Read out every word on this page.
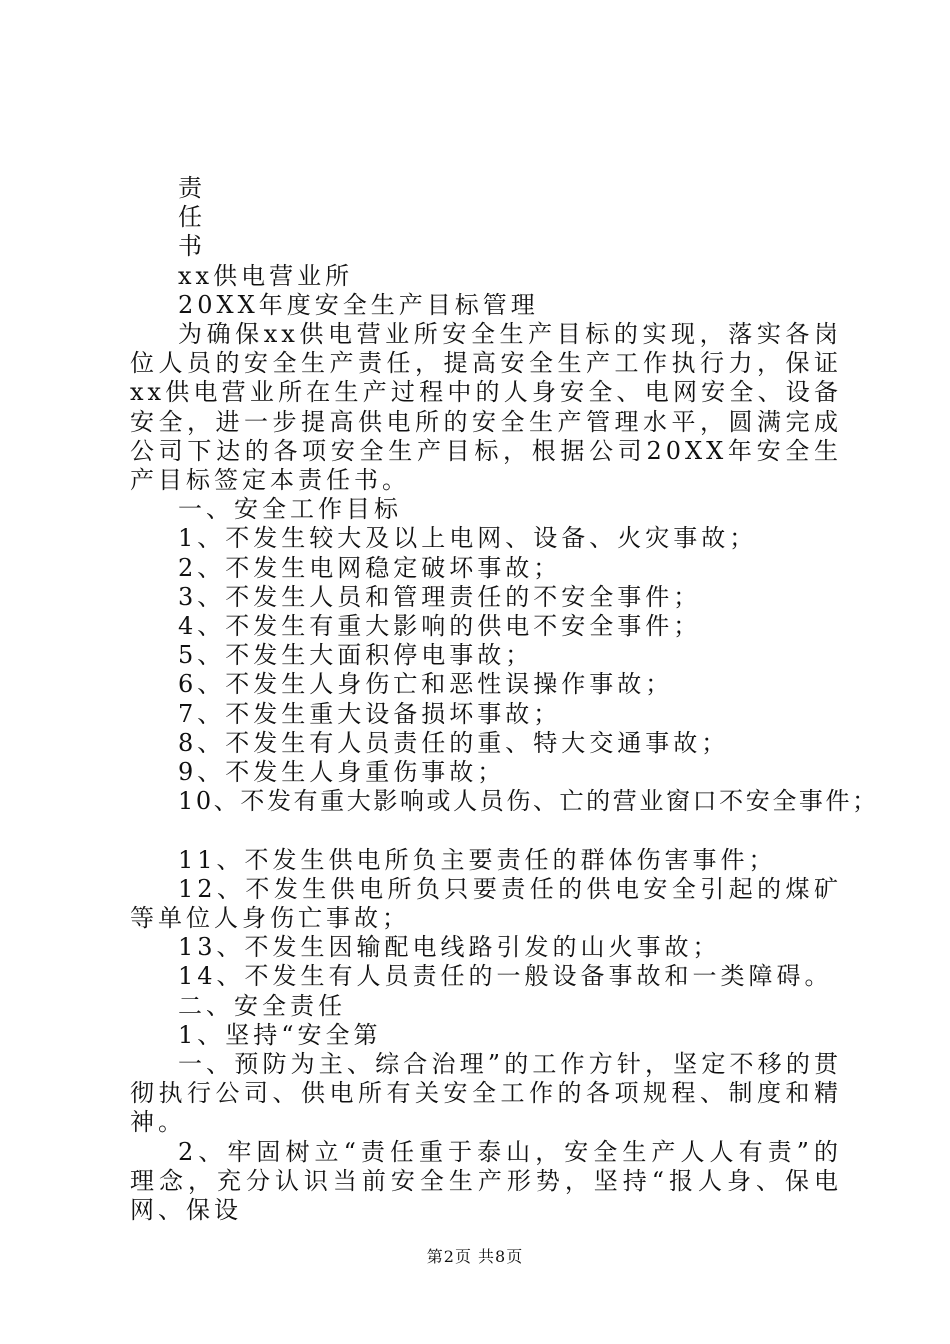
责
任
书
xx供电营业所
20XX年度安全生产目标管理

为确保xx供电营业所安全生产目标的实现，落实各岗位人员的安全生产责任，提高安全生产工作执行力，保证xx供电营业所在生产过程中的人身安全、电网安全、设备安全，进一步提高供电所的安全生产管理水平，圆满完成公司下达的各项安全生产目标，根据公司20XX年安全生产目标签定本责任书。

一、安全工作目标
1、不发生较大及以上电网、设备、火灾事故；
2、不发生电网稳定破坏事故；
3、不发生人员和管理责任的不安全事件；
4、不发生有重大影响的供电不安全事件；
5、不发生大面积停电事故；
6、不发生人身伤亡和恶性误操作事故；
7、不发生重大设备损坏事故；
8、不发生有人员责任的重、特大交通事故；
9、不发生人身重伤事故；
10、不发有重大影响或人员伤、亡的营业窗口不安全事件；
11、不发生供电所负主要责任的群体伤害事件；

12、不发生供电所负只要责任的供电安全引起的煤矿等单位人身伤亡事故；

13、不发生因输配电线路引发的山火事故；
14、不发生有人员责任的一般设备事故和一类障碍。
二、安全责任
1、坚持“安全第

一、预防为主、综合治理”的工作方针，坚定不移的贯彻执行公司、供电所有关安全工作的各项规程、制度和精神。

2、牢固树立“责任重于泰山，安全生产人人有责”的理念，充分认识当前安全生产形势，坚持“报人身、保电网、保设

第2页 共8页
